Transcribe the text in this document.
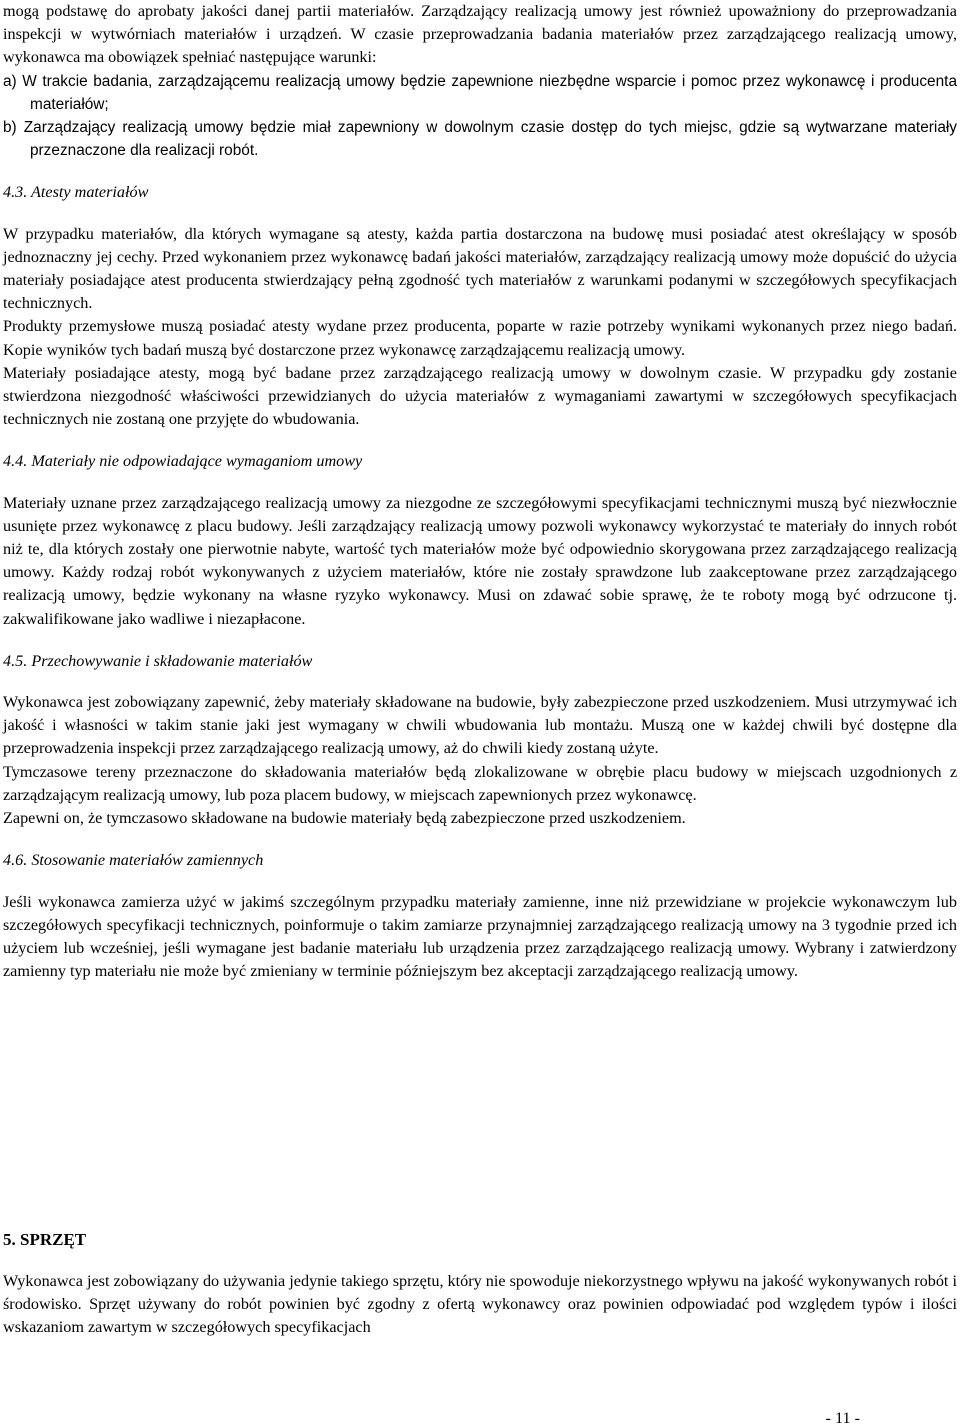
mogą podstawę do aprobaty jakości danej partii materiałów. Zarządzający realizacją umowy jest również upoważniony do przeprowadzania inspekcji w wytwórniach materiałów i urządzeń. W czasie przeprowadzania badania materiałów przez zarządzającego realizacją umowy, wykonawca ma obowiązek spełniać następujące warunki:

a) W trakcie badania, zarządzającemu realizacją umowy będzie zapewnione niezbędne wsparcie i pomoc przez wykonawcę i producenta materiałów;

b) Zarządzający realizacją umowy będzie miał zapewniony w dowolnym czasie dostęp do tych miejsc, gdzie są wytwarzane materiały przeznaczone dla realizacji robót.

4.3. Atesty materiałów

W przypadku materiałów, dla których wymagane są atesty, każda partia dostarczona na budowę musi posiadać atest określający w sposób jednoznaczny jej cechy. Przed wykonaniem przez wykonawcę badań jakości materiałów, zarządzający realizacją umowy może dopuścić do użycia materiały posiadające atest producenta stwierdzający pełną zgodność tych materiałów z warunkami podanymi w szczegółowych specyfikacjach technicznych.

Produkty przemysłowe muszą posiadać atesty wydane przez producenta, poparte w razie potrzeby wynikami wykonanych przez niego badań. Kopie wyników tych badań muszą być dostarczone przez wykonawcę zarządzającemu realizacją umowy.

Materiały posiadające atesty, mogą być badane przez zarządzającego realizacją umowy w dowolnym czasie. W przypadku gdy zostanie stwierdzona niezgodność właściwości przewidzianych do użycia materiałów z wymaganiami zawartymi w szczegółowych specyfikacjach technicznych nie zostaną one przyjęte do wbudowania.

4.4. Materiały nie odpowiadające wymaganiom umowy

Materiały uznane przez zarządzającego realizacją umowy za niezgodne ze szczegółowymi specyfikacjami technicznymi muszą być niezwłocznie usunięte przez wykonawcę z placu budowy. Jeśli zarządzający realizacją umowy pozwoli wykonawcy wykorzystać te materiały do innych robót niż te, dla których zostały one pierwotnie nabyte, wartość tych materiałów może być odpowiednio skorygowana przez zarządzającego realizacją umowy. Każdy rodzaj robót wykonywanych z użyciem materiałów, które nie zostały sprawdzone lub zaakceptowane przez zarządzającego realizacją umowy, będzie wykonany na własne ryzyko wykonawcy. Musi on zdawać sobie sprawę, że te roboty mogą być odrzucone tj. zakwalifikowane jako wadliwe i niezapłacone.

4.5. Przechowywanie i składowanie materiałów

Wykonawca jest zobowiązany zapewnić, żeby materiały składowane na budowie, były zabezpieczone przed uszkodzeniem. Musi utrzymywać ich jakość i własności w takim stanie jaki jest wymagany w chwili wbudowania lub montażu. Muszą one w każdej chwili być dostępne dla przeprowadzenia inspekcji przez zarządzającego realizacją umowy, aż do chwili kiedy zostaną użyte.

Tymczasowe tereny przeznaczone do składowania materiałów będą zlokalizowane w obrębie placu budowy w miejscach uzgodnionych z zarządzającym realizacją umowy, lub poza placem budowy, w miejscach zapewnionych przez wykonawcę.

Zapewni on, że tymczasowo składowane na budowie materiały będą zabezpieczone przed uszkodzeniem.

4.6. Stosowanie materiałów zamiennych

Jeśli wykonawca zamierza użyć w jakimś szczególnym przypadku materiały zamienne, inne niż przewidziane w projekcie wykonawczym lub szczegółowych specyfikacji technicznych, poinformuje o takim zamiarze przynajmniej zarządzającego realizacją umowy na 3 tygodnie przed ich użyciem lub wcześniej, jeśli wymagane jest badanie materiału lub urządzenia przez zarządzającego realizacją umowy. Wybrany i zatwierdzony zamienny typ materiału nie może być zmieniany w terminie późniejszym bez akceptacji zarządzającego realizacją umowy.

5. SPRZĘT

Wykonawca jest zobowiązany do używania jedynie takiego sprzętu, który nie spowoduje niekorzystnego wpływu na jakość wykonywanych robót i środowisko. Sprzęt używany do robót powinien być zgodny z ofertą wykonawcy oraz powinien odpowiadać pod względem typów i ilości wskazaniom zawartym w szczegółowych specyfikacjach

- 11 -
